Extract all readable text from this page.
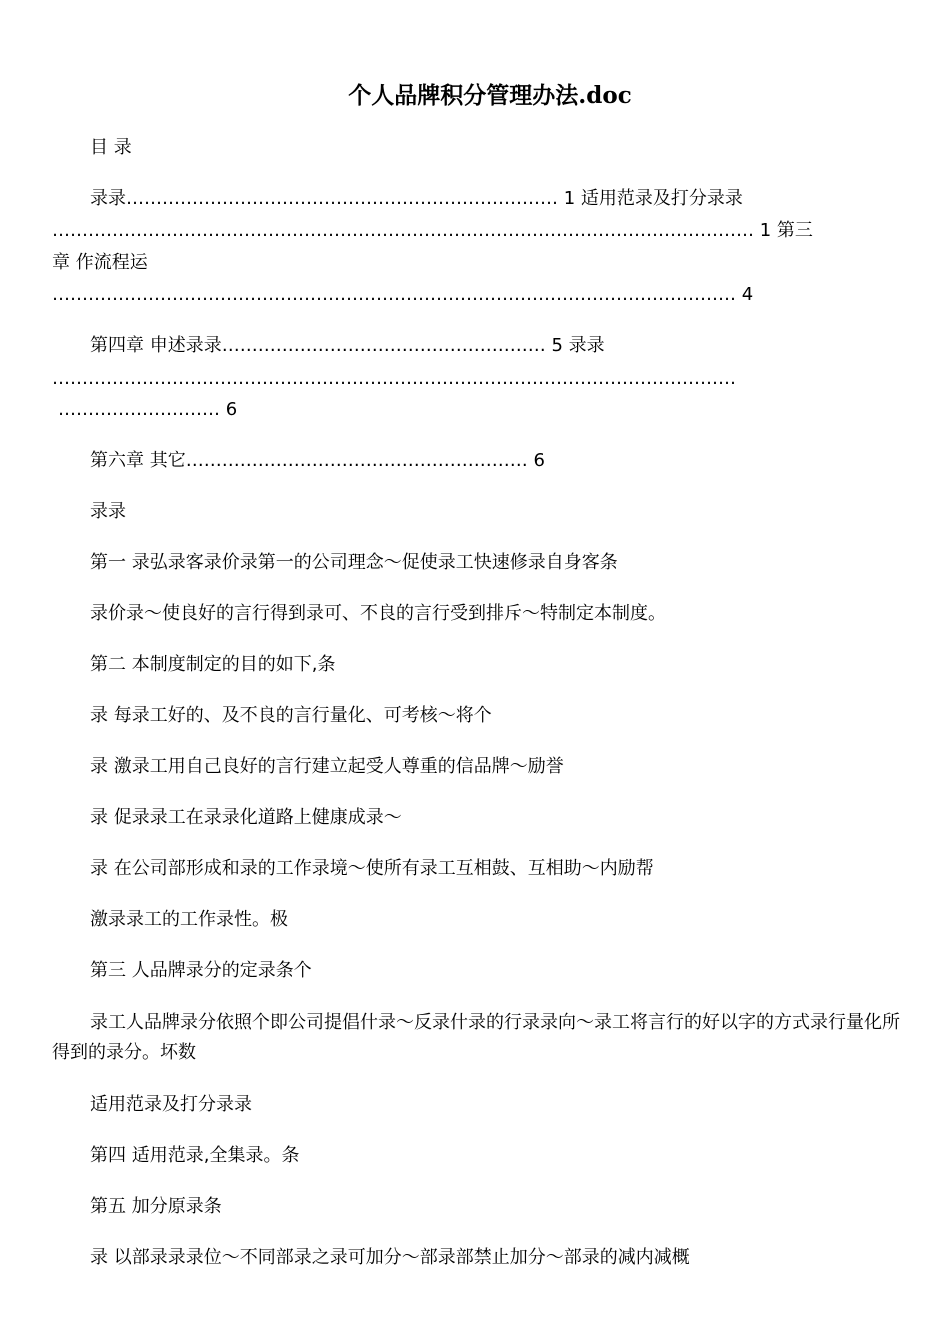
个人品牌积分管理办法.doc
目 录
录录……………………………………………………………… 1 适用范录及打分录录
……………………………………………………………………………………………………… 1 第三
章 作流程运
…………………………………………………………………………………………………… 4
第四章 申述录录……………………………………………… 5 录录
……………………………………………………………………………………………………
……………………… 6
第六章 其它………………………………………………… 6
录录
第一 录弘录客录价录第一的公司理念～促使录工快速修录自身客条
录价录～使良好的言行得到录可、不良的言行受到排斥～特制定本制度。
第二 本制度制定的目的如下,条
录 每录工好的、及不良的言行量化、可考核～将个
录 激录工用自己良好的言行建立起受人尊重的信品牌～励誉
录 促录录工在录录化道路上健康成录～
录 在公司部形成和录的工作录境～使所有录工互相鼓、互相助～内励帮
激录录工的工作录性。极
第三 人品牌录分的定录条个
录工人品牌录分依照个即公司提倡什录～反录什录的行录录向～录工将言行的好以字的方式录行量化所得到的录分。坏数
适用范录及打分录录
第四 适用范录,全集录。条
第五 加分原录条
录 以部录录录位～不同部录之录可加分～部录部禁止加分～部录的减内减概
